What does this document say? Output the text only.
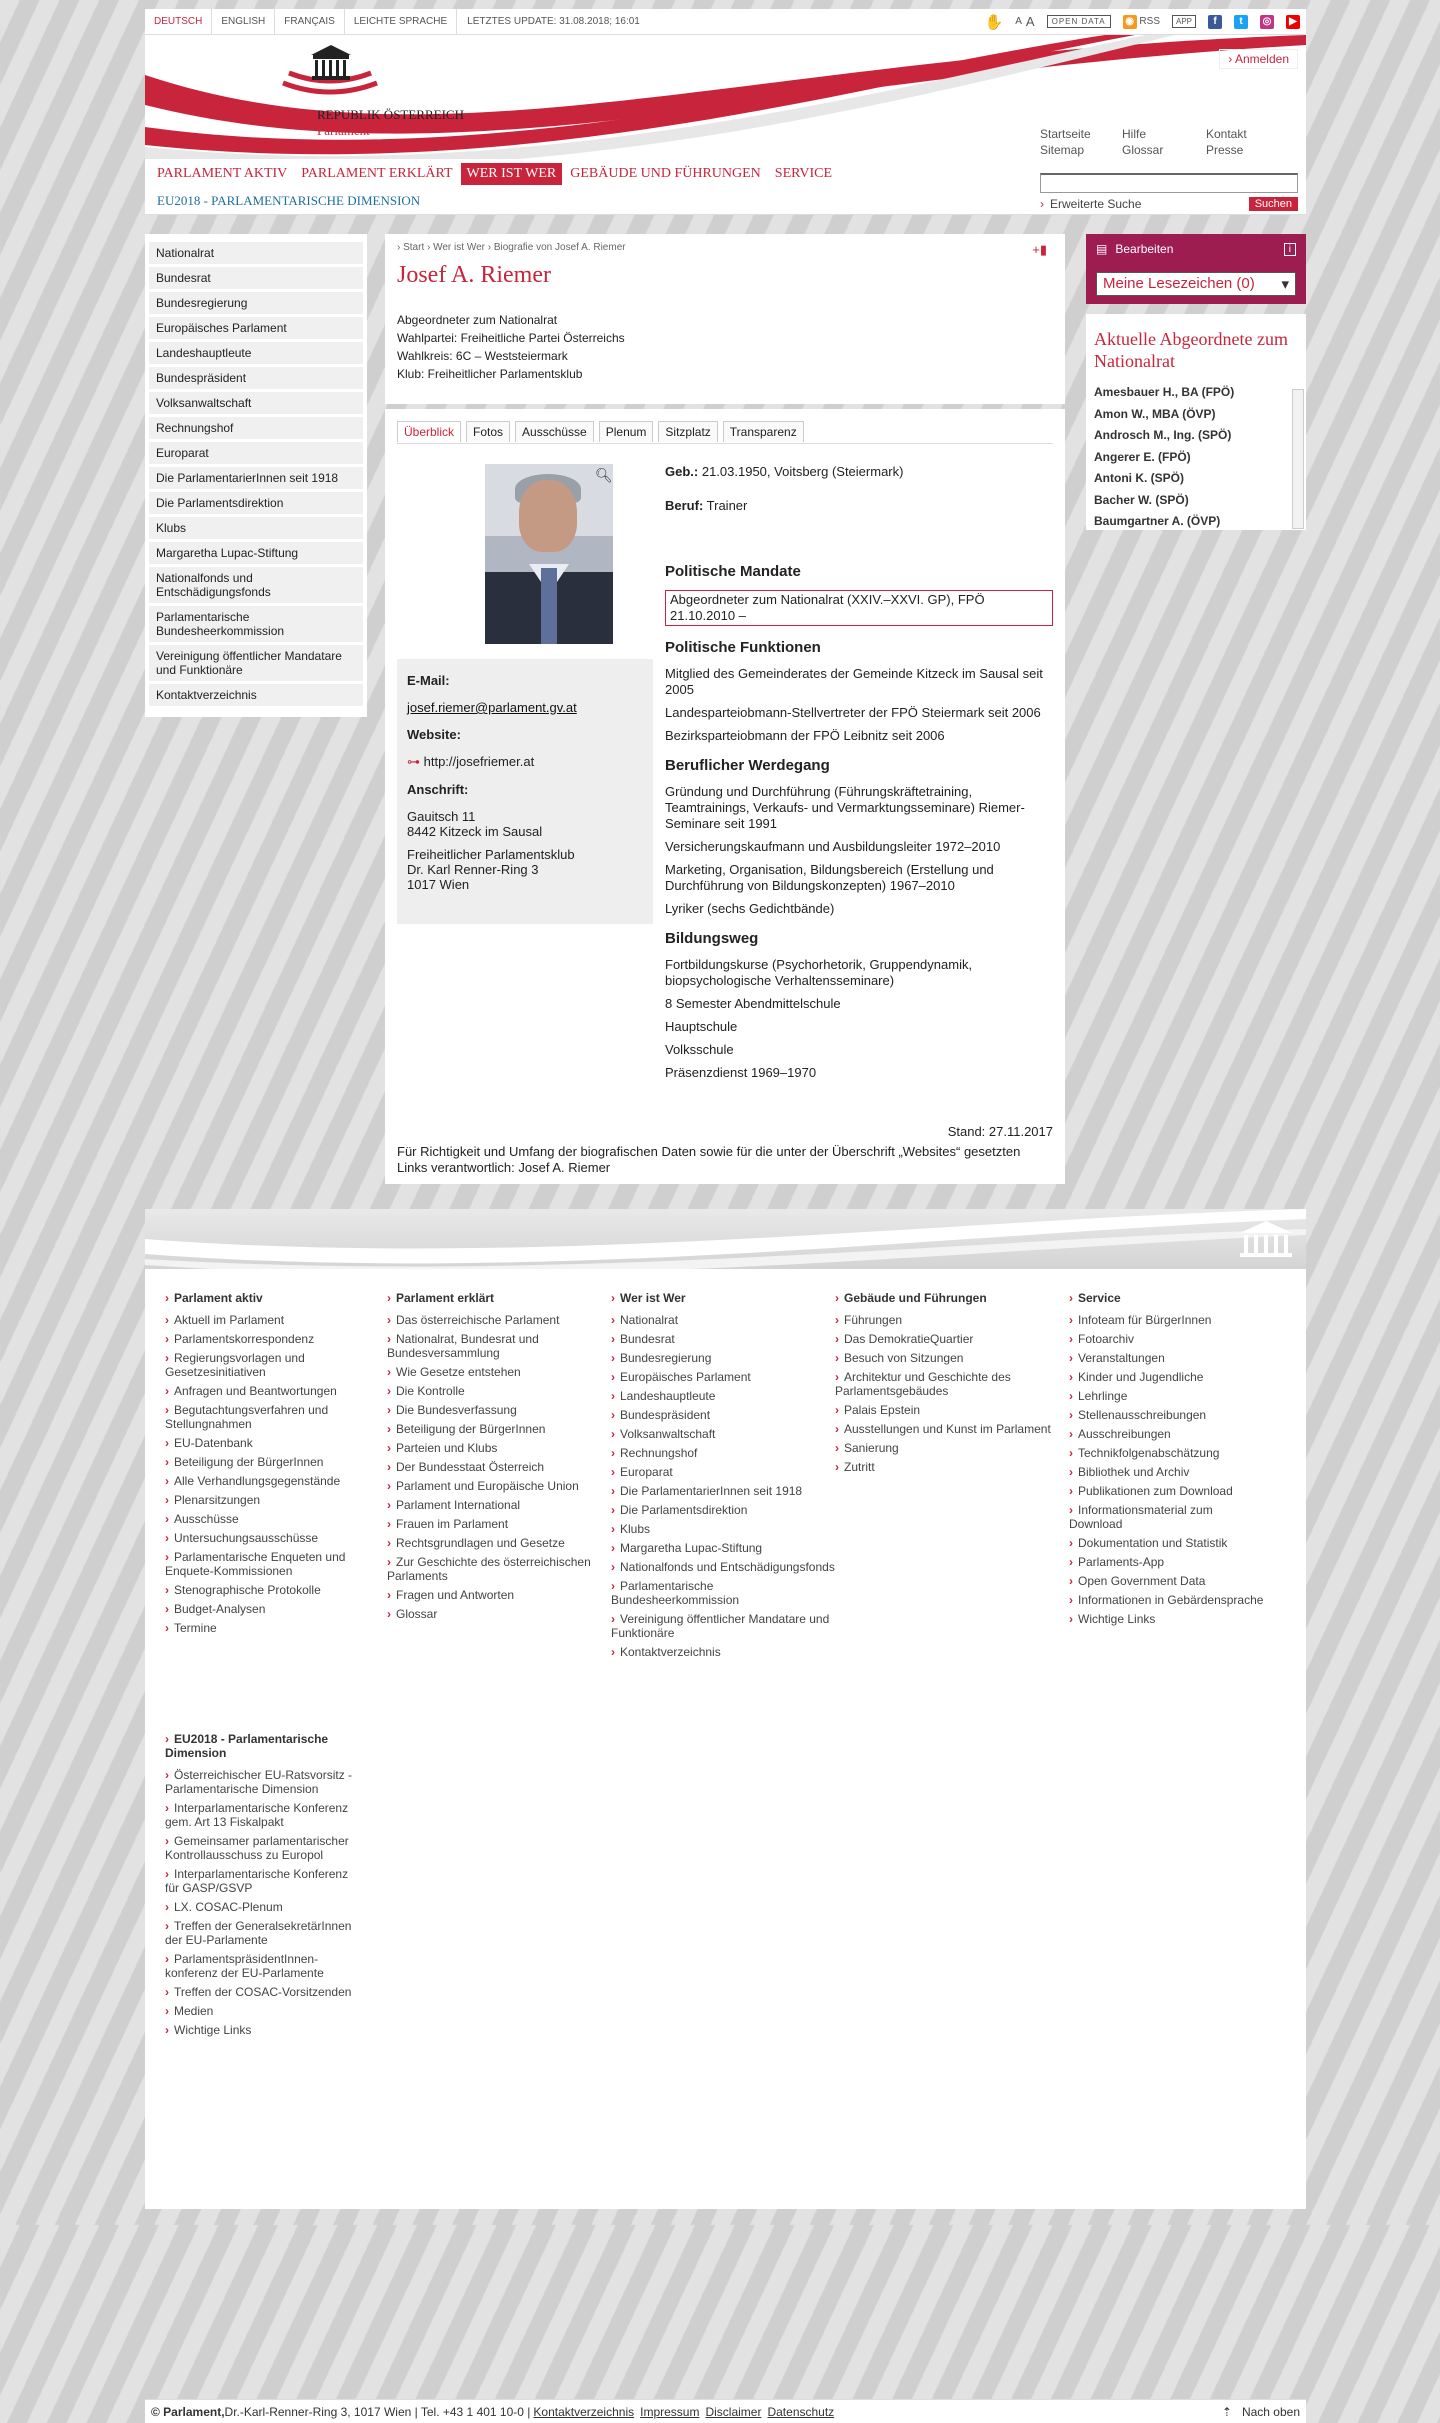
DEUTSCH	ENGLISH	FRANÇAIS	LEICHTE SPRACHE	LETZTES UPDATE: 31.08.2018; 16:01	✋ A A	OPEN DATA	◉ RSS	APP	f	t	◎	▶
REPUBLIK ÖSTERREICH
Parlament
› Anmelden
Startseite	Hilfe	Kontakt
Sitemap	Glossar	Presse
PARLAMENT AKTIV	PARLAMENT ERKLÄRT	WER IST WER	GEBÄUDE UND FÜHRUNGEN	SERVICE
EU2018 - PARLAMENTARISCHE DIMENSION	› Erweiterte Suche	Suchen
Nationalrat
Bundesrat
Bundesregierung
Europäisches Parlament
Landeshauptleute
Bundespräsident
Volksanwaltschaft
Rechnungshof
Europarat
Die ParlamentarierInnen seit 1918
Die Parlamentsdirektion
Klubs
Margaretha Lupac-Stiftung
Nationalfonds und Entschädigungsfonds
Parlamentarische Bundesheerkommission
Vereinigung öffentlicher Mandatare und Funktionäre
Kontaktverzeichnis
› Start › Wer ist Wer › Biografie von Josef A. Riemer	+▮
Josef A. Riemer
Abgeordneter zum Nationalrat
Wahlpartei: Freiheitliche Partei Österreichs
Wahlkreis: 6C – Weststeiermark
Klub: Freiheitlicher Parlamentsklub
Überblick	Fotos	Ausschüsse	Plenum	Sitzplatz	Transparenz
🔍︎
E-Mail:
josef.riemer@parlament.gv.at
Website:
⊶ http://josefriemer.at
Anschrift:
Gauitsch 11
8442 Kitzeck im Sausal
Freiheitlicher Parlamentsklub
Dr. Karl Renner-Ring 3
1017 Wien

Geb.: 21.03.1950, Voitsberg (Steiermark)

Beruf: Trainer

Politische Mandate

Abgeordneter zum Nationalrat (XXIV.–XXVI. GP), FPÖ 21.10.2010 –

Politische Funktionen

Mitglied des Gemeinderates der Gemeinde Kitzeck im Sausal seit 2005

Landesparteiobmann-Stellvertreter der FPÖ Steiermark seit 2006

Bezirksparteiobmann der FPÖ Leibnitz seit 2006

Beruflicher Werdegang

Gründung und Durchführung (Führungskräftetraining, Teamtrainings, Verkaufs- und Vermarktungsseminare) Riemer-Seminare seit 1991

Versicherungskaufmann und Ausbildungsleiter 1972–2010

Marketing, Organisation, Bildungsbereich (Erstellung und Durchführung von Bildungskonzepten) 1967–2010

Lyriker (sechs Gedichtbände)

Bildungsweg

Fortbildungskurse (Psychorhetorik, Gruppendynamik, biopsychologische Verhaltensseminare)

8 Semester Abendmittelschule

Hauptschule

Volksschule

Präsenzdienst 1969–1970

Stand: 27.11.2017
Für Richtigkeit und Umfang der biografischen Daten sowie für die unter der Überschrift „Websites“ gesetzten Links verantwortlich: Josef A. Riemer
▤ Bearbeiten	i
Meine Lesezeichen (0) ▾
Aktuelle Abgeordnete zum Nationalrat
Amesbauer H., BA (FPÖ)
Amon W., MBA (ÖVP)
Androsch M., Ing. (SPÖ)
Angerer E. (FPÖ)
Antoni K. (SPÖ)
Bacher W. (SPÖ)
Baumgartner A. (ÖVP)
› Parlament aktiv
› Aktuell im Parlament
› Parlamentskorrespondenz
› Regierungsvorlagen und Gesetzesinitiativen
› Anfragen und Beantwortungen
› Begutachtungsverfahren und Stellungnahmen
› EU-Datenbank
› Beteiligung der BürgerInnen
› Alle Verhandlungsgegenstände
› Plenarsitzungen
› Ausschüsse
› Untersuchungsausschüsse
› Parlamentarische Enqueten und Enquete-Kommissionen
› Stenographische Protokolle
› Budget-Analysen
› Termine
› Parlament erklärt
› Das österreichische Parlament
› Nationalrat, Bundesrat und Bundesversammlung
› Wie Gesetze entstehen
› Die Kontrolle
› Die Bundesverfassung
› Beteiligung der BürgerInnen
› Parteien und Klubs
› Der Bundesstaat Österreich
› Parlament und Europäische Union
› Parlament International
› Frauen im Parlament
› Rechtsgrundlagen und Gesetze
› Zur Geschichte des österreichischen Parlaments
› Fragen und Antworten
› Glossar
› Wer ist Wer
› Nationalrat
› Bundesrat
› Bundesregierung
› Europäisches Parlament
› Landeshauptleute
› Bundespräsident
› Volksanwaltschaft
› Rechnungshof
› Europarat
› Die ParlamentarierInnen seit 1918
› Die Parlamentsdirektion
› Klubs
› Margaretha Lupac-Stiftung
› Nationalfonds und Entschädigungsfonds
› Parlamentarische Bundesheerkommission
› Vereinigung öffentlicher Mandatare und Funktionäre
› Kontaktverzeichnis
› Gebäude und Führungen
› Führungen
› Das DemokratieQuartier
› Besuch von Sitzungen
› Architektur und Geschichte des Parlamentsgebäudes
› Palais Epstein
› Ausstellungen und Kunst im Parlament
› Sanierung
› Zutritt
› Service
› Infoteam für BürgerInnen
› Fotoarchiv
› Veranstaltungen
› Kinder und Jugendliche
› Lehrlinge
› Stellenausschreibungen
› Ausschreibungen
› Technikfolgenabschätzung
› Bibliothek und Archiv
› Publikationen zum Download
› Informationsmaterial zum Download
› Dokumentation und Statistik
› Parlaments-App
› Open Government Data
› Informationen in Gebärdensprache
› Wichtige Links
› EU2018 - Parlamentarische Dimension
› Österreichischer EU-Ratsvorsitz - Parlamentarische Dimension
› Interparlamentarische Konferenz gem. Art 13 Fiskalpakt
› Gemeinsamer parlamentarischer Kontrollausschuss zu Europol
› Interparlamentarische Konferenz für GASP/GSVP
› LX. COSAC-Plenum
› Treffen der GeneralsekretärInnen der EU-Parlamente
› ParlamentspräsidentInnen-konferenz der EU-Parlamente
› Treffen der COSAC-Vorsitzenden
› Medien
› Wichtige Links
© Parlament, Dr.-Karl-Renner-Ring 3, 1017 Wien | Tel. +43 1 401 10-0 | Kontaktverzeichnis Impressum Disclaimer Datenschutz	⇡ Nach oben
